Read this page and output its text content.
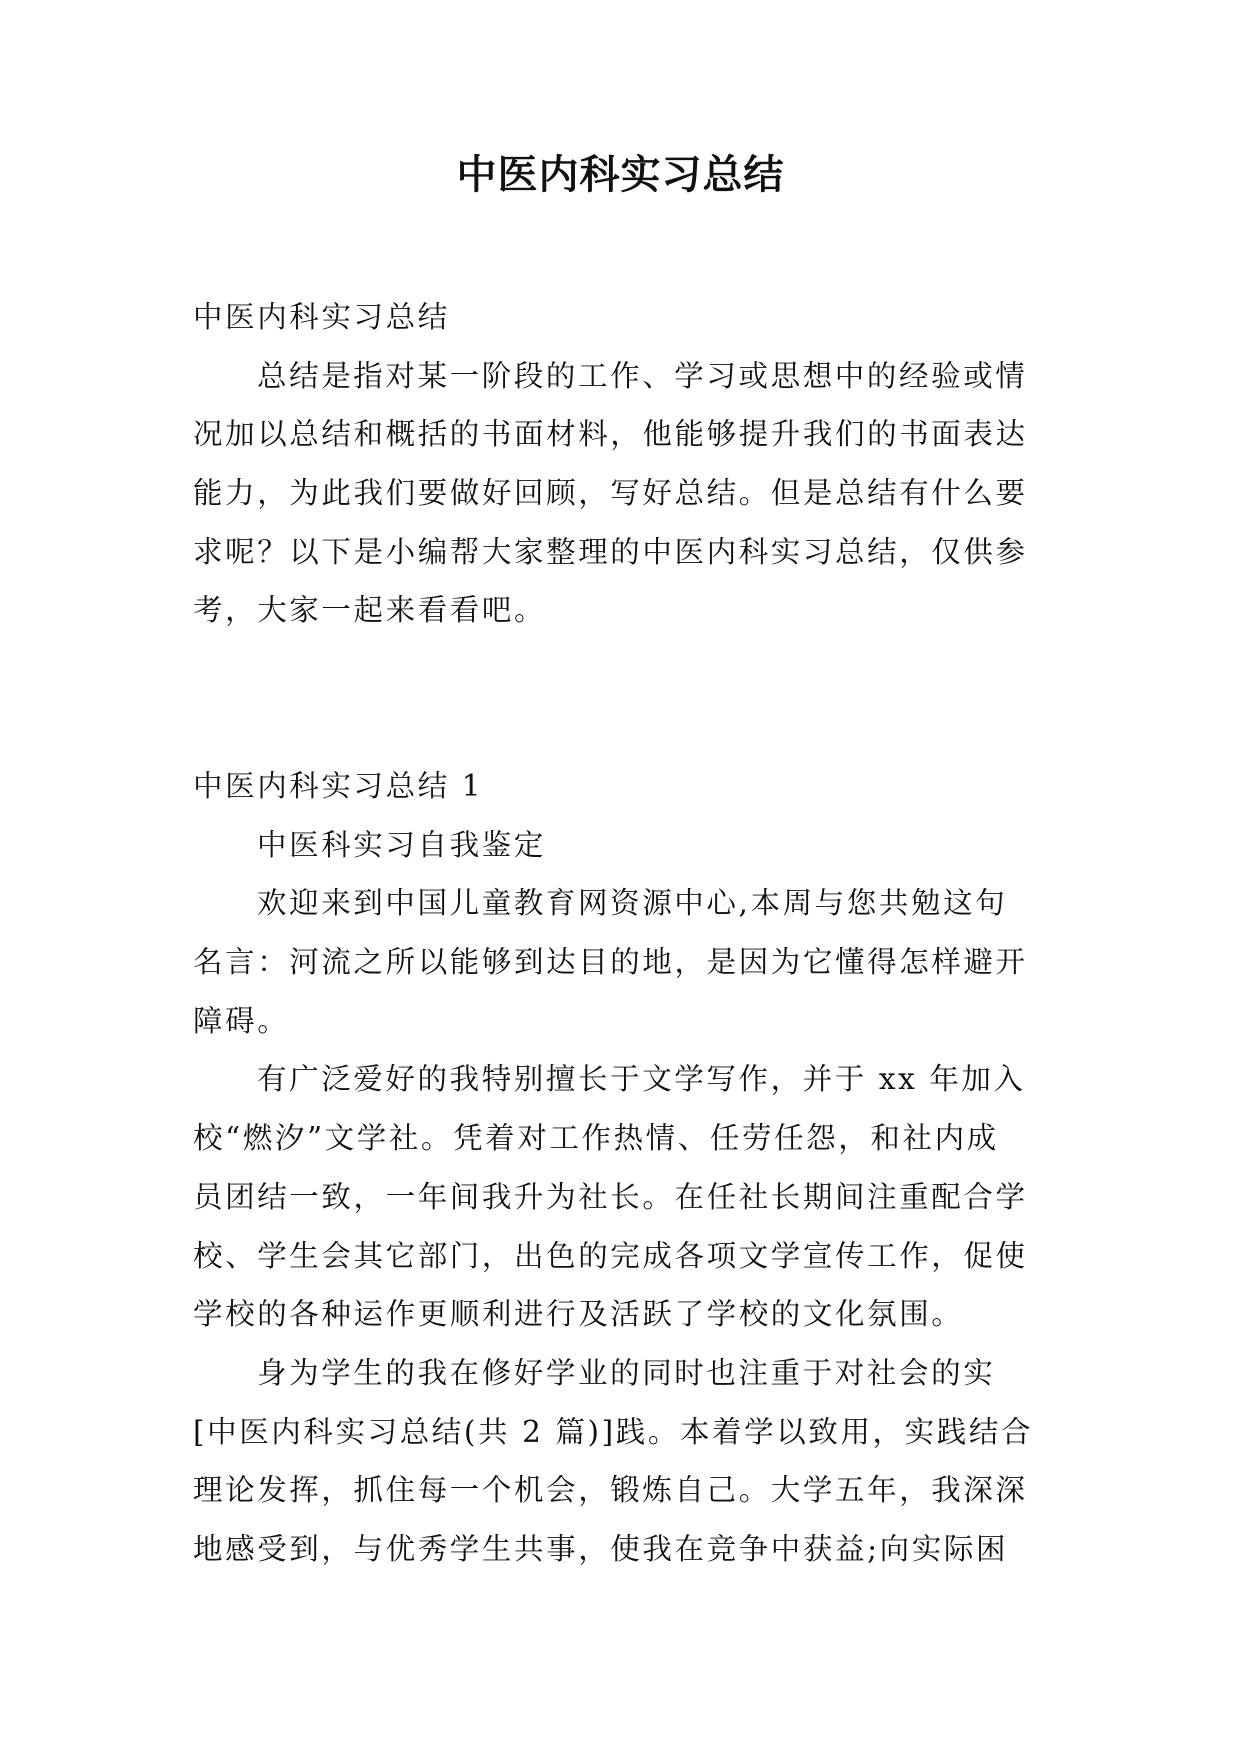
中医内科实习总结
中医内科实习总结
总结是指对某一阶段的工作、学习或思想中的经验或情
况加以总结和概括的书面材料，他能够提升我们的书面表达
能力，为此我们要做好回顾，写好总结。但是总结有什么要
求呢？以下是小编帮大家整理的中医内科实习总结，仅供参
考，大家一起来看看吧。
中医内科实习总结 1
中医科实习自我鉴定
欢迎来到中国儿童教育网资源中心,本周与您共勉这句
名言：河流之所以能够到达目的地，是因为它懂得怎样避开
障碍。
有广泛爱好的我特别擅长于文学写作，并于 xx 年加入
校“燃汐”文学社。凭着对工作热情、任劳任怨，和社内成
员团结一致，一年间我升为社长。在任社长期间注重配合学
校、学生会其它部门，出色的完成各项文学宣传工作，促使
学校的各种运作更顺利进行及活跃了学校的文化氛围。
身为学生的我在修好学业的同时也注重于对社会的实
[中医内科实习总结(共 2 篇)]践。本着学以致用，实践结合
理论发挥，抓住每一个机会，锻炼自己。大学五年，我深深
地感受到，与优秀学生共事，使我在竞争中获益;向实际困
